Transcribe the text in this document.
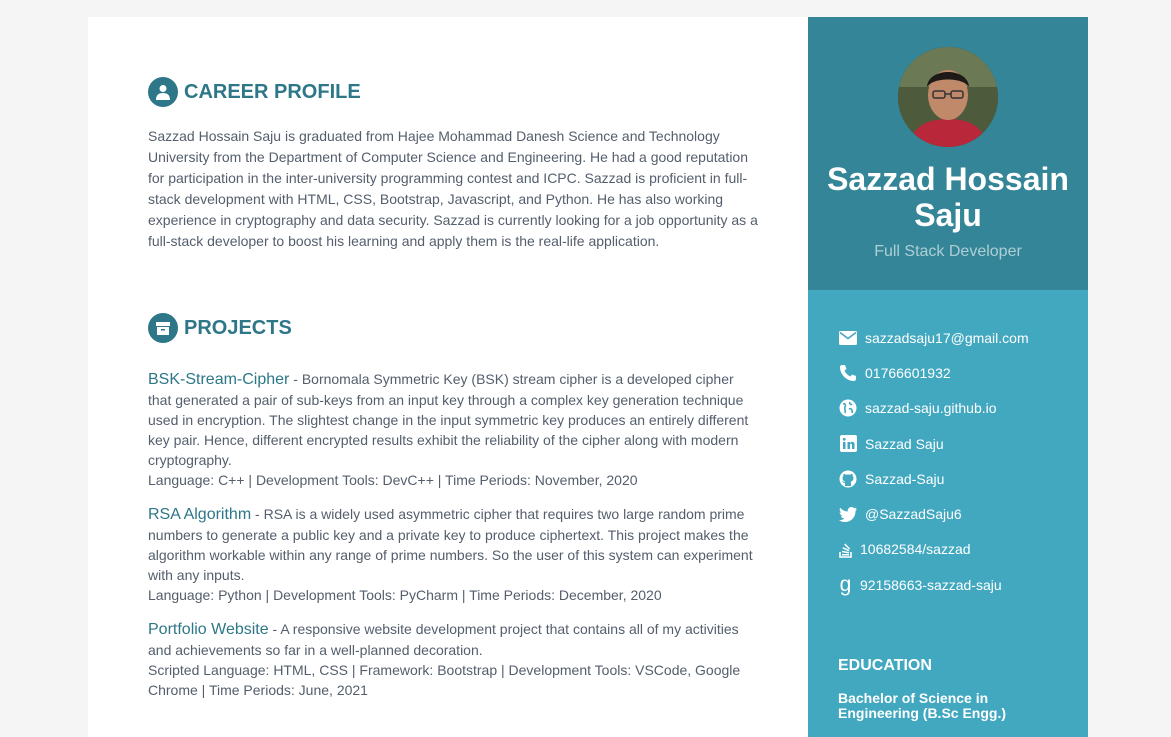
CAREER PROFILE

Sazzad Hossain Saju is graduated from Hajee Mohammad Danesh Science and Technology University from the Department of Computer Science and Engineering. He had a good reputation for participation in the inter-university programming contest and ICPC. Sazzad is proficient in full-stack development with HTML, CSS, Bootstrap, Javascript, and Python. He has also working experience in cryptography and data security. Sazzad is currently looking for a job opportunity as a full-stack developer to boost his learning and apply them is the real-life application.

PROJECTS
BSK-Stream-Cipher - Bornomala Symmetric Key (BSK) stream cipher is a developed cipher that generated a pair of sub-keys from an input key through a complex key generation technique used in encryption. The slightest change in the input symmetric key produces an entirely different key pair. Hence, different encrypted results exhibit the reliability of the cipher along with modern cryptography.
Language: C++ | Development Tools: DevC++ | Time Periods: November, 2020
RSA Algorithm - RSA is a widely used asymmetric cipher that requires two large random prime numbers to generate a public key and a private key to produce ciphertext. This project makes the algorithm workable within any range of prime numbers. So the user of this system can experiment with any inputs.
Language: Python | Development Tools: PyCharm | Time Periods: December, 2020
Portfolio Website - A responsive website development project that contains all of my activities and achievements so far in a well-planned decoration.
Scripted Language: HTML, CSS | Framework: Bootstrap | Development Tools: VSCode, Google Chrome | Time Periods: June, 2021
Sazzad Hossain Saju
Full Stack Developer
sazzadsaju17@gmail.com
01766601932
sazzad-saju.github.io
Sazzad Saju
Sazzad-Saju
@SazzadSaju6
10682584/sazzad
g 92158663-sazzad-saju
EDUCATION
Bachelor of Science in Engineering (B.Sc Engg.)
